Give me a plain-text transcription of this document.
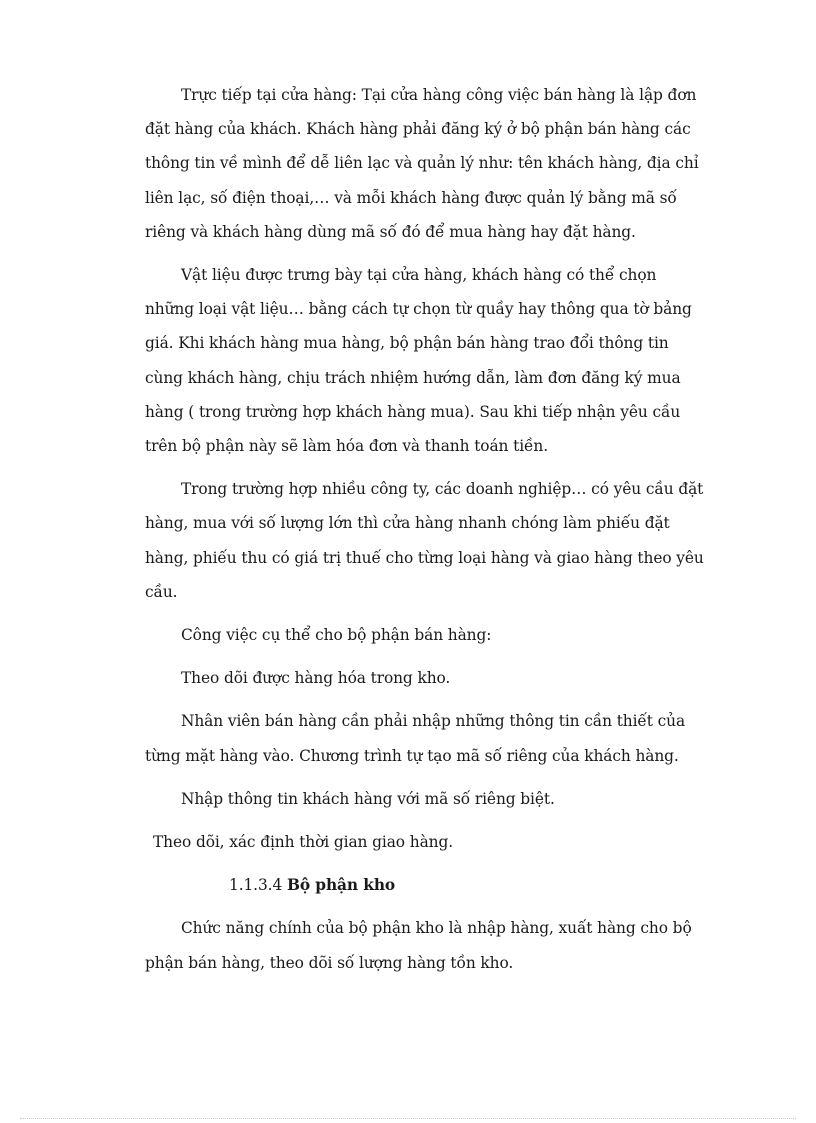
Trực tiếp tại cửa hàng: Tại cửa hàng công việc bán hàng là lập đơn đặt hàng của khách. Khách hàng phải đăng ký ở bộ phận bán hàng các thông tin về mình để dễ liên lạc và quản lý như: tên khách hàng, địa chỉ liên lạc, số điện thoại,… và mỗi khách hàng được quản lý bằng mã số riêng và khách hàng dùng mã số đó để mua hàng hay đặt hàng.

Vật liệu được trưng bày tại cửa hàng, khách hàng có thể chọn những loại vật liệu… bằng cách tự chọn từ quầy hay thông qua tờ bảng giá. Khi khách hàng mua hàng, bộ phận bán hàng trao đổi thông tin cùng khách hàng, chịu trách nhiệm hướng dẫn, làm đơn đăng ký mua hàng ( trong trường hợp khách hàng mua). Sau khi tiếp nhận yêu cầu trên bộ phận này sẽ làm hóa đơn và thanh toán tiền.

Trong trường hợp nhiều công ty, các doanh nghiệp… có yêu cầu đặt hàng, mua với số lượng lớn thì cửa hàng nhanh chóng làm phiếu đặt hàng, phiếu thu có giá trị thuế cho từng loại hàng và giao hàng theo yêu cầu.

Công việc cụ thể cho bộ phận bán hàng:

Theo dõi được hàng hóa trong kho.

Nhân viên bán hàng cần phải nhập những thông tin cần thiết của từng mặt hàng vào. Chương trình tự tạo mã số riêng của khách hàng.

Nhập thông tin khách hàng với mã số riêng biệt.

Theo dõi, xác định thời gian giao hàng.

1.1.3.4 Bộ phận kho

Chức năng chính của bộ phận kho là nhập hàng, xuất hàng cho bộ phận bán hàng, theo dõi số lượng hàng tồn kho.
